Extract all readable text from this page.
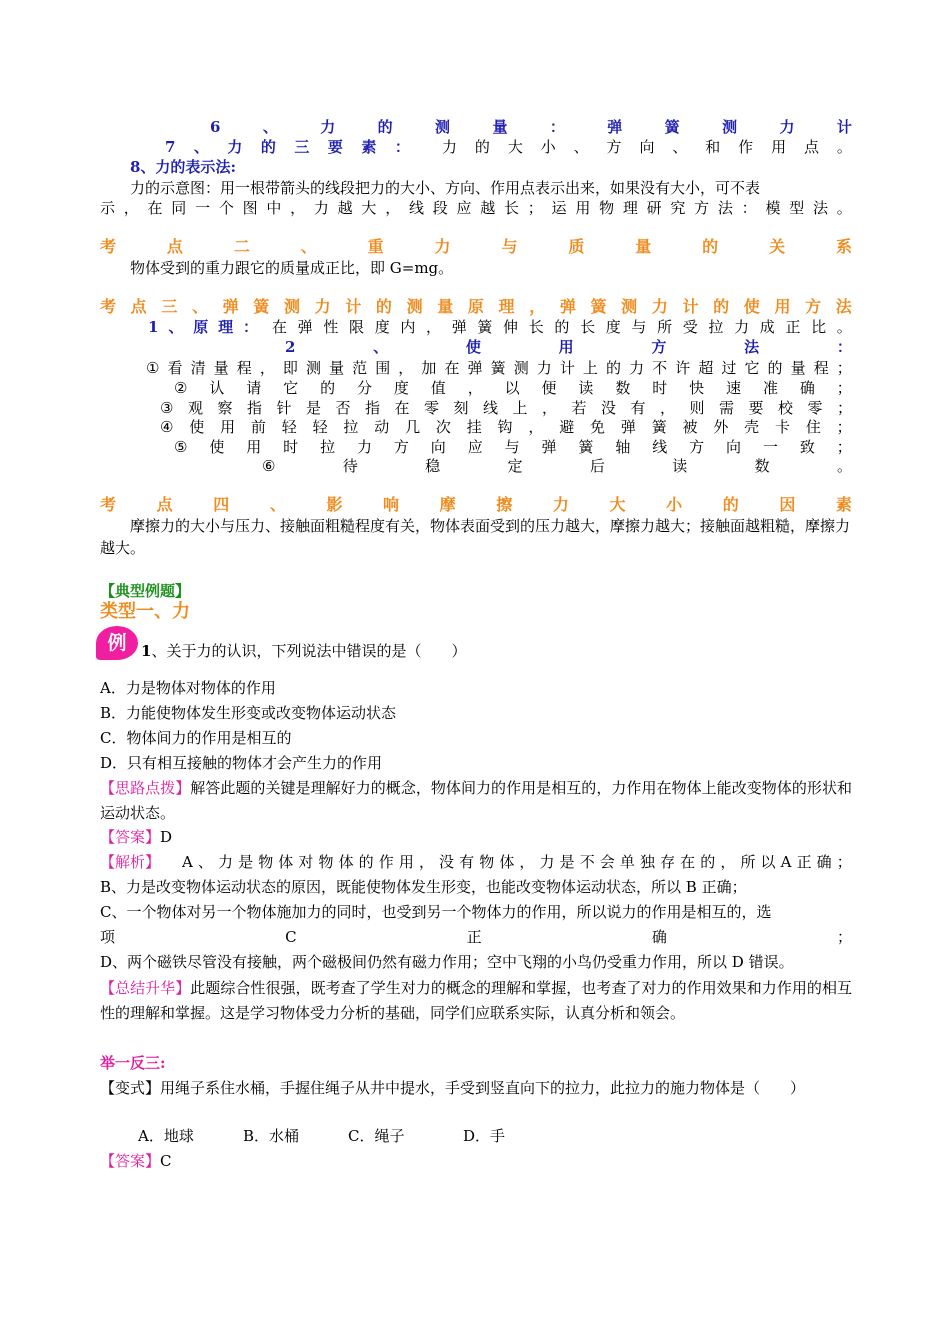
6	、	力	的	测	量	：	弹	簧	测	力	计
7 、 力 的 三 要 素 ： 力 的 大 小 、 方 向 、 和 作 用 点 。
8、力的表示法:
力的示意图：用一根带箭头的线段把力的大小、方向、作用点表示出来，如果没有大小，可不表
示 ， 在 同 一 个 图 中 ， 力 越 大 ， 线 段 应 越 长 ； 运 用 物 理 研 究 方 法 ： 模 型 法 。
考	点	二	、	重	力	与	质	量	的	关	系
物体受到的重力跟它的质量成正比，即 G=mg。
考 点 三 、 弹 簧 测 力 计 的 测 量 原 理 ， 弹 簧 测 力 计 的 使 用 方 法
1 、 原 理 ： 在 弹 性 限 度 内 ， 弹 簧 伸 长 的 长 度 与 所 受 拉 力 成 正 比 。
2	、	使	用	方	法	：
① 看 清 量 程 ， 即 测 量 范 围 ， 加 在 弹 簧 测 力 计 上 的 力 不 许 超 过 它 的 量 程 ；
② 认 请 它 的 分 度 值 ， 以 便 读 数 时 快 速 准 确 ；
③ 观 察 指 针 是 否 指 在 零 刻 线 上 ， 若 没 有 ， 则 需 要 校 零 ；
④ 使 用 前 轻 轻 拉 动 几 次 挂 钩 ， 避 免 弹 簧 被 外 壳 卡 住 ；
⑤ 使 用 时 拉 力 方 向 应 与 弹 簧 轴 线 方 向 一 致 ；
⑥	待	稳	定	后	读	数	。
考	点	四	、	影	响	摩	擦	力	大	小	的	因	素
摩擦力的大小与压力、接触面粗糙程度有关，物体表面受到的压力越大，摩擦力越大；接触面越粗糙，摩擦力越大。
【典型例题】
类型一、力
例 1、关于力的认识，下列说法中错误的是（　　）
A．力是物体对物体的作用
B．力能使物体发生形变或改变物体运动状态
C．物体间力的作用是相互的
D．只有相互接触的物体才会产生力的作用
【思路点拨】解答此题的关键是理解好力的概念，物体间力的作用是相互的，力作用在物体上能改变物体的形状和运动状态。
【答案】D
【解析】 A 、 力 是 物 体 对 物 体 的 作 用 ， 没 有 物 体 ， 力 是 不 会 单 独 存 在 的 ， 所 以 A 正 确 ；
B、力是改变物体运动状态的原因，既能使物体发生形变，也能改变物体运动状态，所以 B 正确；
C、一个物体对另一个物体施加力的同时，也受到另一个物体力的作用，所以说力的作用是相互的，选
项	C	正	确	；
D、两个磁铁尽管没有接触，两个磁极间仍然有磁力作用；空中飞翔的小鸟仍受重力作用，所以 D 错误。
【总结升华】此题综合性很强，既考查了学生对力的概念的理解和掌握，也考查了对力的作用效果和力作用的相互性的理解和掌握。这是学习物体受力分析的基础，同学们应联系实际，认真分析和领会。
举一反三:
【变式】用绳子系住水桶，手握住绳子从井中提水，手受到竖直向下的拉力，此拉力的施力物体是（　　）
A．地球	B．水桶	C．绳子	D．手
【答案】C
